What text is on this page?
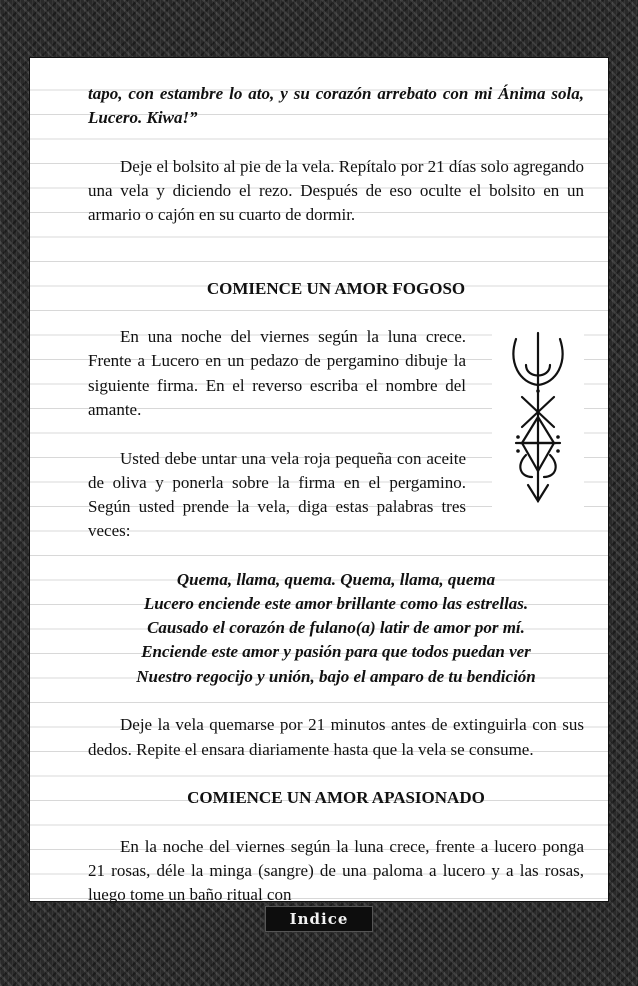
tapo, con estambre lo ato, y su corazón arrebato con mi Ánima sola, Lucero. Kiwa!”

Deje el bolsito al pie de la vela. Repítalo por 21 días solo agregando una vela y diciendo el rezo. Después de eso oculte el bolsito en un armario o cajón en su cuarto de dormir.

COMIENCE UN AMOR FOGOSO

En una noche del viernes según la luna crece. Frente a Lucero en un pedazo de pergamino dibuje la siguiente firma. En el reverso escriba el nombre del amante.

Usted debe untar una vela roja pequeña con aceite de oliva y ponerla sobre la firma en el pergamino. Según usted prende la vela, diga estas palabras tres veces:

Quema, llama, quema. Quema, llama, quema

Lucero enciende este amor brillante como las estrellas.

Causado el corazón de fulano(a) latir de amor por mí.

Enciende este amor y pasión para que todos puedan ver

Nuestro regocijo y unión, bajo el amparo de tu bendición

Deje la vela quemarse por 21 minutos antes de extinguirla con sus dedos. Repite el ensara diariamente hasta que la vela se consume.

COMIENCE UN AMOR APASIONADO

En la noche del viernes según la luna crece, frente a lucero ponga 21 rosas, déle la minga (sangre) de una paloma a lucero y a las rosas, luego tome un baño ritual con

Indice
